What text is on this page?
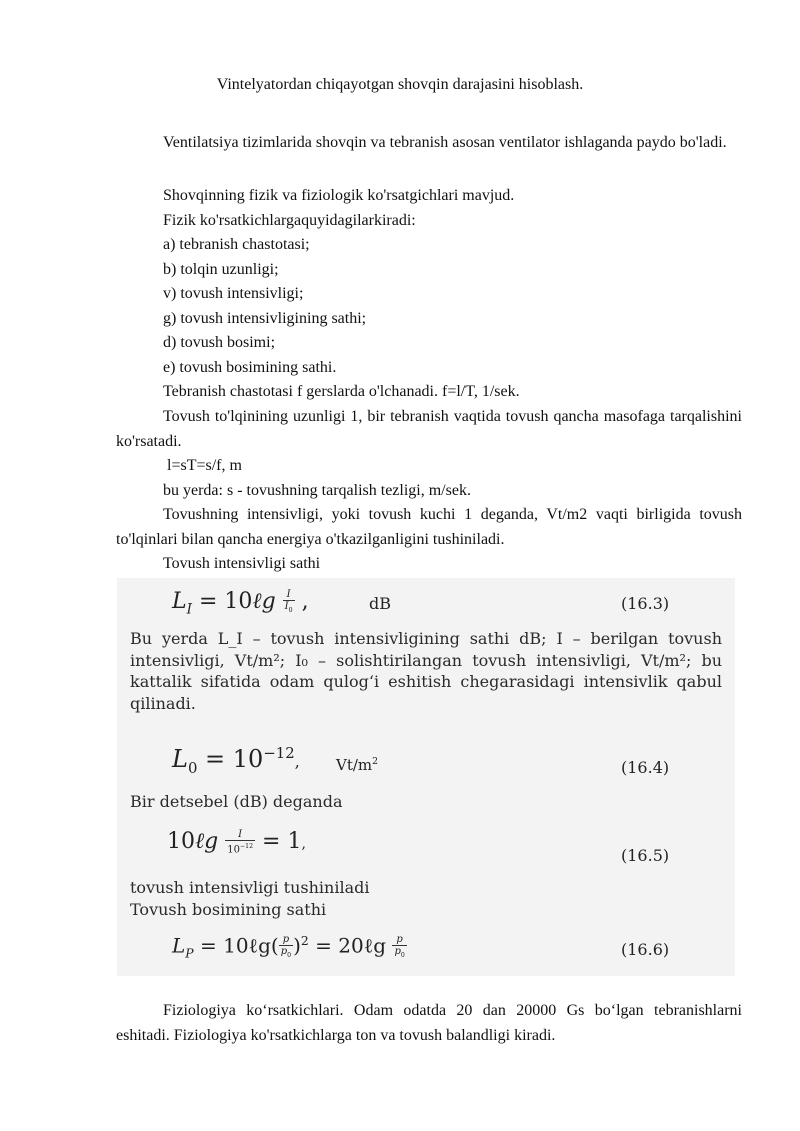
Vintelyatordan chiqayotgan shovqin darajasini hisoblash.
Ventilatsiya tizimlarida shovqin va tebranish asosan ventilator ishlaganda paydo bo'ladi.
Shovqinning fizik va fiziologik ko'rsatgichlari mavjud.
Fizik ko'rsatkichlargaquyidagilarkiradi:
a) tebranish chastotasi;
b) tolqin uzunligi;
v) tovush intensivligi;
g) tovush intensivligining sathi;
d) tovush bosimi;
e) tovush bosimining sathi.
Tebranish chastotasi f gerslarda o'lchanadi. f=l/T, 1/sek.
Tovush to'lqinining uzunligi 1, bir tebranish vaqtida tovush qancha masofaga tarqalishini ko'rsatadi.
l=sT=s/f, m
bu yerda: s - tovushning tarqalish tezligi, m/sek.
Tovushning intensivligi, yoki tovush kuchi 1 deganda, Vt/m2 vaqti birligida tovush to'lqinlari bilan qancha energiya o'tkazilganligini tushiniladi.
Tovush intensivligi sathi
$L_I$ = 10ℓg $\frac{I}{I_0}$ ,	dB	(16.3)
Bu yerda L_I – tovush intensivligining sathi dB; I – berilgan tovush intensivligi, Vt/m²; I₀ – solishtirilangan tovush intensivligi, Vt/m²; bu kattalik sifatida odam qulog‘i eshitish chegarasidagi intensivlik qabul qilinadi.
$L_0 = 10^{-12}$, $Vt/m^2$	(16.4)
Bir detsebel (dB) deganda
10ℓg $\frac{I}{10^{-12}} = 1$,
(16.5)
tovush intensivligi tushiniladi
Tovush bosimining sathi
$L_P$ = 10ℓg( $\frac{p}{p_0} )^2$ = 20ℓg $\frac{p}{p_0}$	(16.6)
Fiziologiya ko‘rsatkichlari. Odam odatda 20 dan 20000 Gs bo‘lgan tebranishlarni eshitadi. Fiziologiya ko'rsatkichlarga ton va tovush balandligi kiradi.
